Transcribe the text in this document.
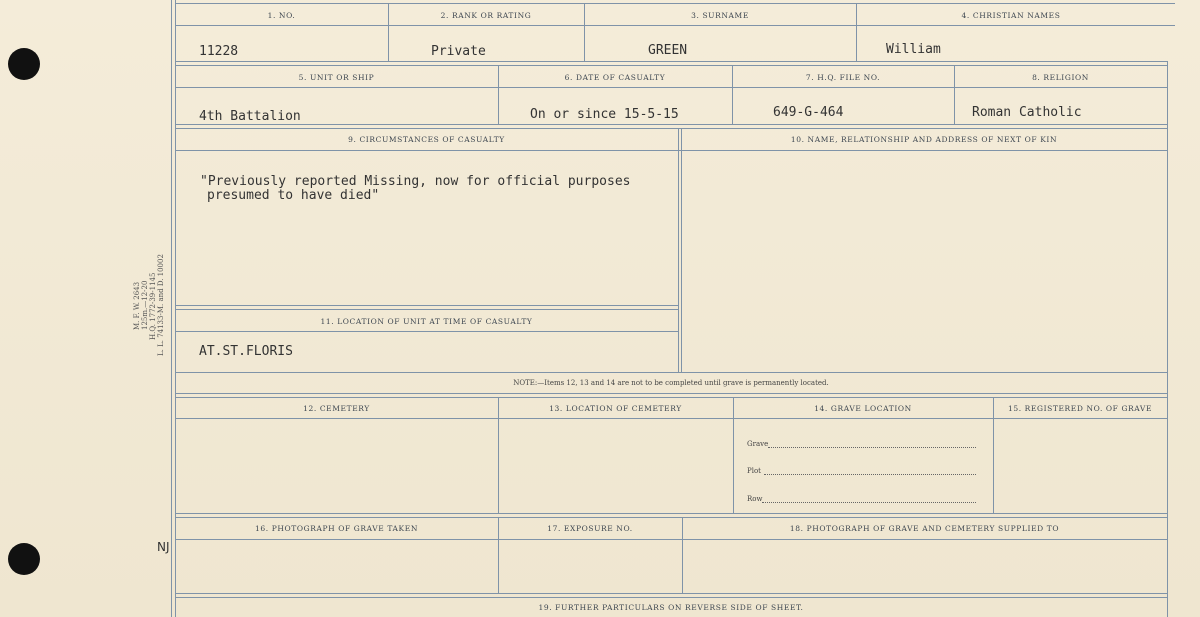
M. F. W. 2643 125m.—12-20 H.Q. 1772-39-1145 L. L. 74133-M. and D. 10002
NJ
1. NO.	2. RANK OR RATING	3. SURNAME	4. CHRISTIAN NAMES
11228	Private	GREEN	William
5. UNIT OR SHIP	6. DATE OF CASUALTY	7. H.Q. FILE NO.	8. RELIGION
4th Battalion	On or since 15-5-15	649-G-464	Roman Catholic
9. CIRCUMSTANCES OF CASUALTY	10. NAME, RELATIONSHIP AND ADDRESS OF NEXT OF KIN
"Previously reported Missing, now for official purposes
presumed to have died"
11. LOCATION OF UNIT AT TIME OF CASUALTY
AT.ST.FLORIS
NOTE:—Items 12, 13 and 14 are not to be completed until grave is permanently located.
12. CEMETERY	13. LOCATION OF CEMETERY	14. GRAVE LOCATION	15. REGISTERED NO. OF GRAVE
Grave
Plot
Row
16. PHOTOGRAPH OF GRAVE TAKEN	17. EXPOSURE NO.	18. PHOTOGRAPH OF GRAVE AND CEMETERY SUPPLIED TO
19. FURTHER PARTICULARS ON REVERSE SIDE OF SHEET.
